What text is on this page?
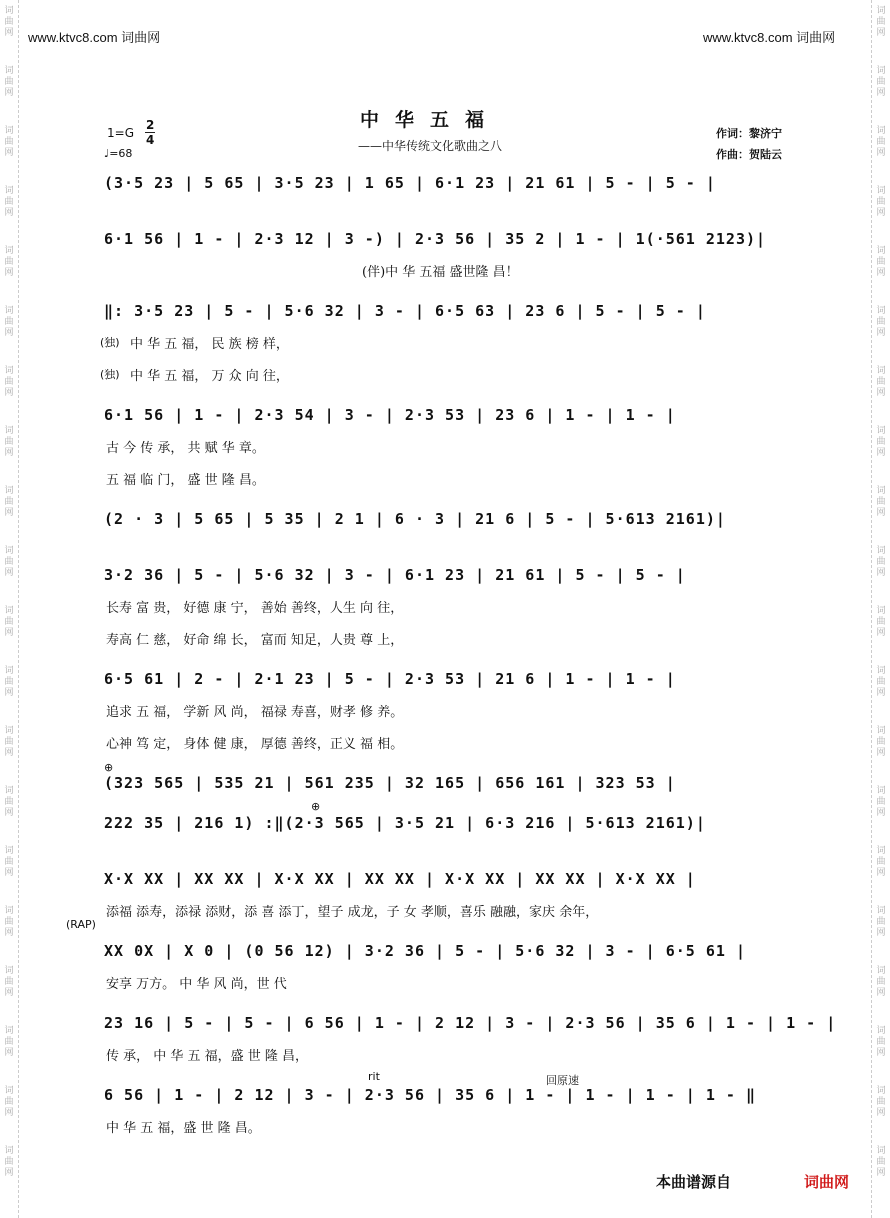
词曲网
词曲网
词曲网
词曲网
词曲网
词曲网
词曲网
词曲网
词曲网
词曲网
词曲网
词曲网
词曲网
词曲网
词曲网
词曲网
词曲网
词曲网
词曲网
词曲网
词曲网
词曲网
词曲网
词曲网
词曲网
词曲网
词曲网
词曲网
词曲网
词曲网
词曲网
词曲网
词曲网
词曲网
词曲网
词曲网
词曲网
词曲网
词曲网
词曲网
www.ktvc8.com 词曲网	www.ktvc8.com 词曲网
中华五福
——中华传统文化歌曲之八
1=G
2
4
♩=68
作词：黎济宁
作曲：贺陆云
(3·5 23 | 5 65 | 3·5 23 | 1 65 | 6·1 23 | 21 61 | 5 - | 5 - |
6·1 56 | 1 - | 2·3 12 | 3 -) | 2·3 56 | 35 2 | 1 - | 1(·561 2123)|
‖: 3·5 23 | 5 - | 5·6 32 | 3 - | 6·5 63 | 23 6 | 5 - | 5 - |
6·1 56 | 1 - | 2·3 54 | 3 - | 2·3 53 | 23 6 | 1 - | 1 - |
(2 · 3 | 5 65 | 5 35 | 2 1 | 6 · 3 | 21 6 | 5 - | 5·613 2161)|
3·2 36 | 5 - | 5·6 32 | 3 - | 6·1 23 | 21 61 | 5 - | 5 - |
6·5 61 | 2 - | 2·1 23 | 5 - | 2·3 53 | 21 6 | 1 - | 1 - |
(323 565 | 535 21 | 561 235 | 32 165 | 656 161 | 323 53 |
222 35 | 216 1) :‖(2·3 565 | 3·5 21 | 6·3 216 | 5·613 2161)|
X·X XX | XX XX | X·X XX | XX XX | X·X XX | XX XX | X·X XX |
XX 0X | X 0 | (0 56 12) | 3·2 36 | 5 - | 5·6 32 | 3 - | 6·5 61 |
23 16 | 5 - | 5 - | 6 56 | 1 - | 2 12 | 3 - | 2·3 56 | 35 6 | 1 - | 1 - |
6 56 | 1 - | 2 12 | 3 - | 2·3 56 | 35 6 | 1 - | 1 - | 1 - | 1 - ‖
(伴)中 华 五福 盛世隆 昌！
中 华 五 福， 民 族 榜 样，
中 华 五 福， 万 众 向 往，
古 今 传 承， 共 赋 华 章。
五 福 临 门， 盛 世 隆 昌。
长寿 富 贵， 好德 康 宁， 善始 善终，人生 向 往，
寿高 仁 慈， 好命 绵 长， 富而 知足，人贵 尊 上，
追求 五 福， 学新 风 尚， 福禄 寿喜，财孝 修 养。
心神 笃 定， 身体 健 康， 厚德 善终，正义 福 相。
添福 添寿，添禄 添财，添 喜 添丁，望子 成龙，子 女 孝顺，喜乐 融融，家庆 余年，
安享 万方。 中 华 风 尚，世 代
传 承， 中 华 五 福，盛 世 隆 昌，
中 华 五 福，盛 世 隆 昌。
(独)
(独)
(RAP)
⊕
⊕
rit	回原速
本曲谱源自	词曲网
